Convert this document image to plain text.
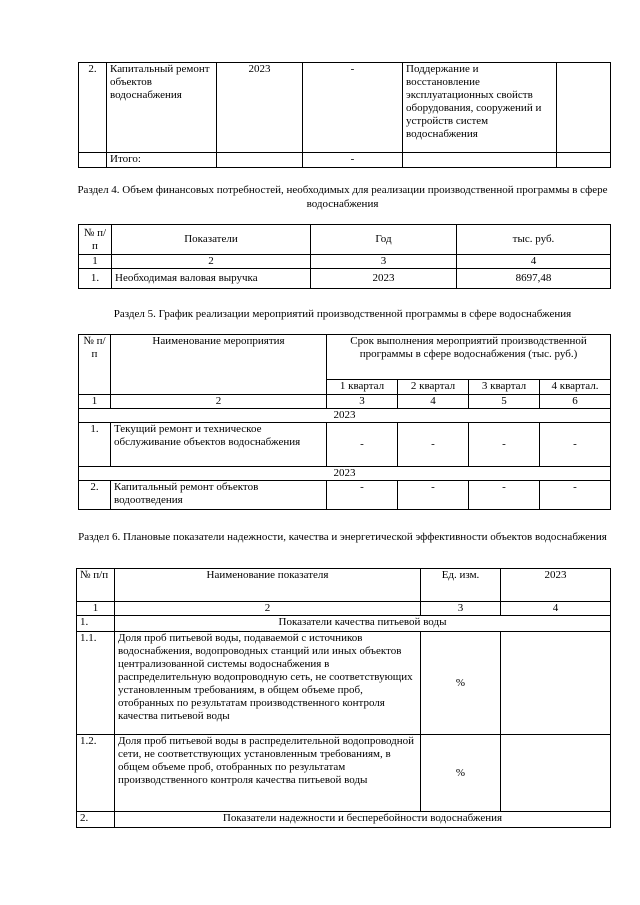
2.	Капитальный ремонт объектов водоснабжения	2023	-	Поддержание и восстановление эксплуатационных свойств оборудования, сооружений и устройств систем водоснабжения	
	Итого:		-		
Раздел 4. Объем финансовых потребностей, необходимых для реализации производственной программы в сфере водоснабжения
№ п/п	Показатели	Год	тыс. руб.
1	2	3	4
1.	Необходимая валовая выручка	2023	8697,48
Раздел 5. График реализации мероприятий производственной программы в сфере водоснабжения
№ п/п	Наименование мероприятия	Срок выполнения мероприятий производственной программы в сфере водоснабжения (тыс. руб.)			
		1 квартал	2 квартал	3 квартал	4 квартал.
1	2	3	4	5	6
2023					
1.	Текущий ремонт и техническое обслуживание объектов водоснабжения	-	-	-	-
2023					
2.	Капитальный ремонт объектов водоотведения	-	-	-	-
Раздел 6. Плановые показатели надежности, качества и энергетической эффективности объектов водоснабжения
№ п/п	Наименование показателя	Ед. изм.	2023
1	2	3	4
1.	Показатели качества питьевой воды		
1.1.	Доля проб питьевой воды, подаваемой с источников водоснабжения, водопроводных станций или иных объектов централизованной системы водоснабжения в распределительную водопроводную сеть, не соответствующих установленным требованиям, в общем объеме проб, отобранных по результатам производственного контроля качества питьевой воды	%	
1.2.	Доля проб питьевой воды в распределительной водопроводной сети, не соответствующих установленным требованиям, в общем объеме проб, отобранных по результатам производственного контроля качества питьевой воды	%	
2.	Показатели надежности и бесперебойности водоснабжения		
